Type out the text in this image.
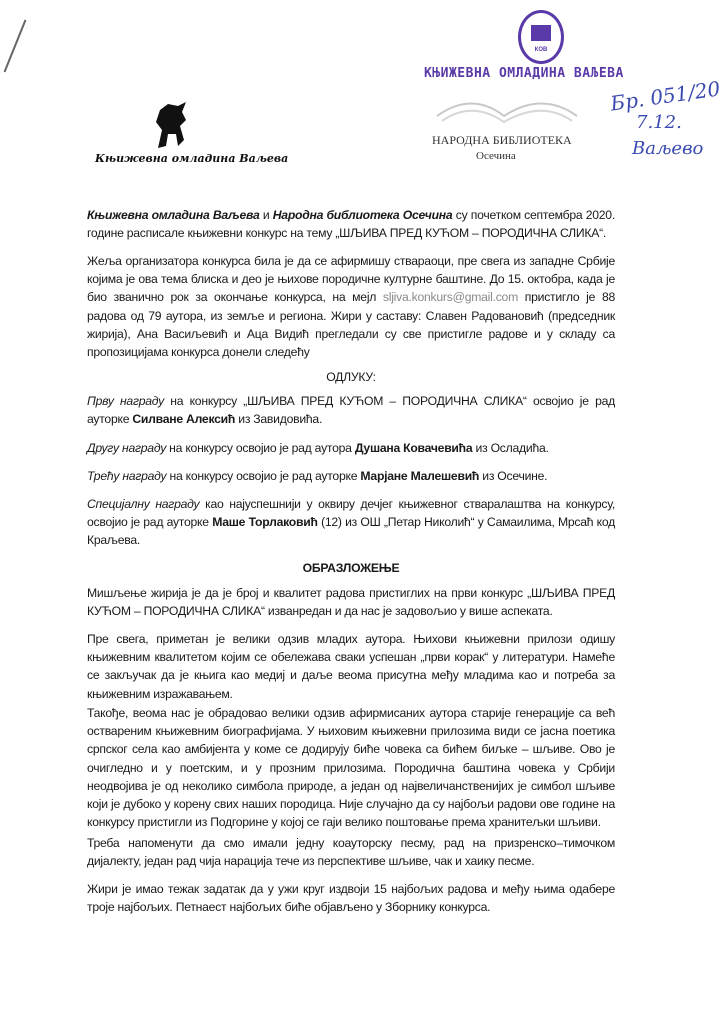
Књижевна омладина Ваљева
КОВ
КЊИЖЕВНА ОМЛАДИНА ВАЉЕВА
НАРОДНА БИБЛИОТЕКА
Осечина
Бр. 051/20
7.12.
Ваљево
Књижевна омладина Ваљева и Народна библиотека Осечина су почетком септембра 2020. године расписале књижевни конкурс на тему „ШЉИВА ПРЕД КУЋОМ – ПОРОДИЧНА СЛИКА“.
Жеља организатора конкурса била је да се афирмишу ствараоци, пре свега из западне Србије којима је ова тема блиска и део је њихове породичне културне баштине. До 15. октобра, када је био званично рок за окончање конкурса, на мејл sljiva.konkurs@gmail.com пристигло је 88 радова од 79 аутора, из земље и региона. Жири у саставу: Славен Радовановић (председник жирија), Ана Васиљевић и Аца Видић прегледали су све пристигле радове и у складу са пропозицијама конкурса донели следећу
ОДЛУКУ:
Прву награду на конкурсу „ШЉИВА ПРЕД КУЋОМ – ПОРОДИЧНА СЛИКА“ освојио је рад ауторке Силване Алексић из Завидовића.
Другу награду на конкурсу освојио је рад аутора Душана Ковачевића из Осладића.
Трећу награду на конкурсу освојио је рад ауторке Марјане Малешевић из Осечине.
Специјалну награду као најуспешнији у оквиру дечјег књижевног стваралаштва на конкурсу, освојио је рад ауторке Маше Торлаковић (12) из ОШ „Петар Николић“ у Самаилима, Мрсаћ код Краљева.
ОБРАЗЛОЖЕЊЕ
Мишљење жирија је да је број и квалитет радова пристиглих на први конкурс „ШЉИВА ПРЕД КУЋОМ – ПОРОДИЧНА СЛИКА“ изванредан и да нас је задовољио у више аспеката.
Пре свега, приметан је велики одзив младих аутора. Њихови књижевни прилози одишу књижевним квалитетом којим се обележава сваки успешан „први корак“ у литератури. Намеће се закључак да је књига као медиј и даље веома присутна међу младима као и потреба за књижевним изражавањем.
Такође, веома нас је обрадовао велики одзив афирмисаних аутора старије генерације са већ оствареним књижевним биографијама. У њиховим књижевни прилозима види се јасна поетика српског села као амбијента у коме се додирују биће човека са бићем биљке – шљиве. Ово је очигледно и у поетским, и у прозним прилозима. Породична баштина човека у Србији неодвојива је од неколико симбола природе, а један од највеличанственијих је симбол шљиве који је дубоко у корену свих наших породица. Није случајно да су најбољи радови ове године на конкурсу пристигли из Подгорине у којој се гаји велико поштовање према хранитељки шљиви.
Треба напоменути да смо имали једну коауторску песму, рад на призренско–тимочком дијалекту, један рад чија нарација тече из перспективе шљиве, чак и хаику песме.
Жири је имао тежак задатак да у ужи круг издвоји 15 најбољих радова и међу њима одабере троје најбољих. Петнаест најбољих биће објављено у Зборнику конкурса.
